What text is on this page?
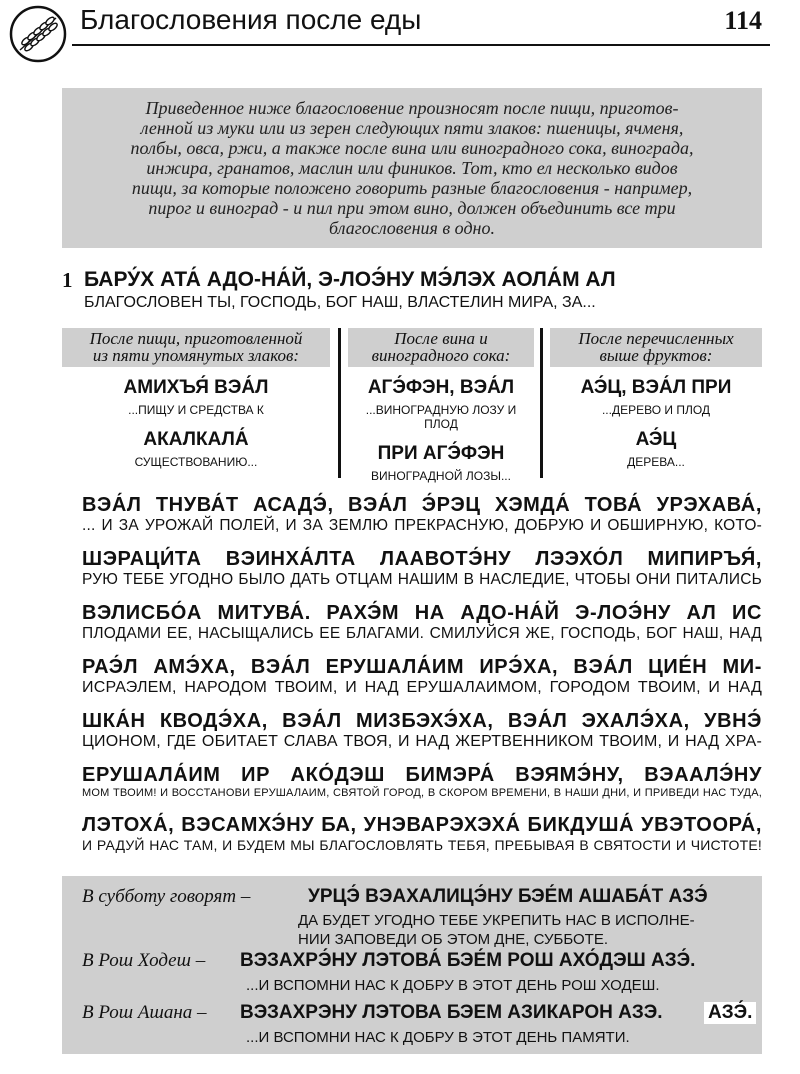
Благословения после еды	114
Приведенное ниже благословение произносят после пищи, приготов-
ленной из муки или из зерен следующих пяти злаков: пшеницы, ячменя,
полбы, овса, ржи, а также после вина или виноградного сока, винограда,
инжира, гранатов, маслин или фиников. Тот, кто ел несколько видов
пищи, за которые положено говорить разные благословения - например,
пирог и виноград - и пил при этом вино, должен объединить все три
благословения в одно.
1 БАРУ́Х АТА́ АДО-НА́Й, Э-ЛОЭ́НУ МЭ́ЛЭХ АОЛА́М АЛ
БЛАГОСЛОВЕН ТЫ, ГОСПОДЬ, БОГ НАШ, ВЛАСТЕЛИН МИРА, ЗА...
После пищи, приготовленной
из пяти упомянутых злаков:
АМИХЪЯ́ ВЭА́Л
...ПИЩУ И СРЕДСТВА К
АКАЛКАЛА́
СУЩЕСТВОВАНИЮ...
После вина и
виноградного сока:
АГЭ́ФЭН, ВЭА́Л
...ВИНОГРАДНУЮ ЛОЗУ И ПЛОД
ПРИ АГЭ́ФЭН
ВИНОГРАДНОЙ ЛОЗЫ...
После перечисленных
выше фруктов:
АЭ́Ц, ВЭА́Л ПРИ
...ДЕРЕВО И ПЛОД
АЭ́Ц
ДЕРЕВА...
ВЭА́Л ТНУВА́Т АСАДЭ́, ВЭА́Л Э́РЭЦ ХЭМДА́ ТОВА́ УРЭХАВА́,
... И ЗА УРОЖАЙ ПОЛЕЙ, И ЗА ЗЕМЛЮ ПРЕКРАСНУЮ, ДОБРУЮ И ОБШИРНУЮ, КОТО-
ШЭРАЦИ́ТА ВЭИНХА́ЛТА ЛААВОТЭ́НУ ЛЭЭХО́Л МИПИРЪЯ́,
РУЮ ТЕБЕ УГОДНО БЫЛО ДАТЬ ОТЦАМ НАШИМ В НАСЛЕДИЕ, ЧТОБЫ ОНИ ПИТАЛИСЬ
ВЭЛИСБО́А МИТУВА́. РАХЭ́М НА АДО-НА́Й Э-ЛОЭ́НУ АЛ ИС
ПЛОДАМИ ЕЕ, НАСЫЩАЛИСЬ ЕЕ БЛАГАМИ. СМИЛУЙСЯ ЖЕ, ГОСПОДЬ, БОГ НАШ, НАД
РАЭ́Л АМЭ́ХА, ВЭА́Л ЕРУШАЛА́ИМ ИРЭ́ХА, ВЭА́Л ЦИЕ́Н МИ-
ИСРАЭЛЕМ, НАРОДОМ ТВОИМ, И НАД ЕРУШАЛАИМОМ, ГОРОДОМ ТВОИМ, И НАД
ШКА́Н КВОДЭ́ХА, ВЭА́Л МИЗБЭХЭ́ХА, ВЭА́Л ЭХАЛЭ́ХА, УВНЭ́
ЦИОНОМ, ГДЕ ОБИТАЕТ СЛАВА ТВОЯ, И НАД ЖЕРТВЕННИКОМ ТВОИМ, И НАД ХРА-
ЕРУШАЛА́ИМ ИР АКО́ДЭШ БИМЭРА́ ВЭЯМЭ́НУ, ВЭААЛЭ́НУ
МОМ ТВОИМ! И ВОССТАНОВИ ЕРУШАЛАИМ, СВЯТОЙ ГОРОД, В СКОРОМ ВРЕМЕНИ, В НАШИ ДНИ, И ПРИВЕДИ НАС ТУДА,
ЛЭТОХА́, ВЭСАМХЭ́НУ БА, УНЭВАРЭХЭХА́ БИКДУША́ УВЭТООРА́,
И РАДУЙ НАС ТАМ, И БУДЕМ МЫ БЛАГОСЛОВЛЯТЬ ТЕБЯ, ПРЕБЫВАЯ В СВЯТОСТИ И ЧИСТОТЕ!
В субботу говорят –	УРЦЭ́ ВЭАХАЛИЦЭ́НУ БЭЕ́М АШАБА́Т АЗЭ́
ДА БУДЕТ УГОДНО ТЕБЕ УКРЕПИТЬ НАС В ИСПОЛНЕ-
НИИ ЗАПОВЕДИ ОБ ЭТОМ ДНЕ, СУББОТЕ.
В Рош Ходеш – ВЭЗАХРЭ́НУ ЛЭТОВА́ БЭЕ́М РОШ АХО́ДЭШ АЗЭ́.
...И ВСПОМНИ НАС К ДОБРУ В ЭТОТ ДЕНЬ РОШ ХОДЕШ.
В Рош Ашана – ВЭЗАХРЭНУ ЛЭТОВА БЭЕМ АЗИКАРОН АЗЭ. АЗЭ́.
...И ВСПОМНИ НАС К ДОБРУ В ЭТОТ ДЕНЬ ПАМЯТИ.
